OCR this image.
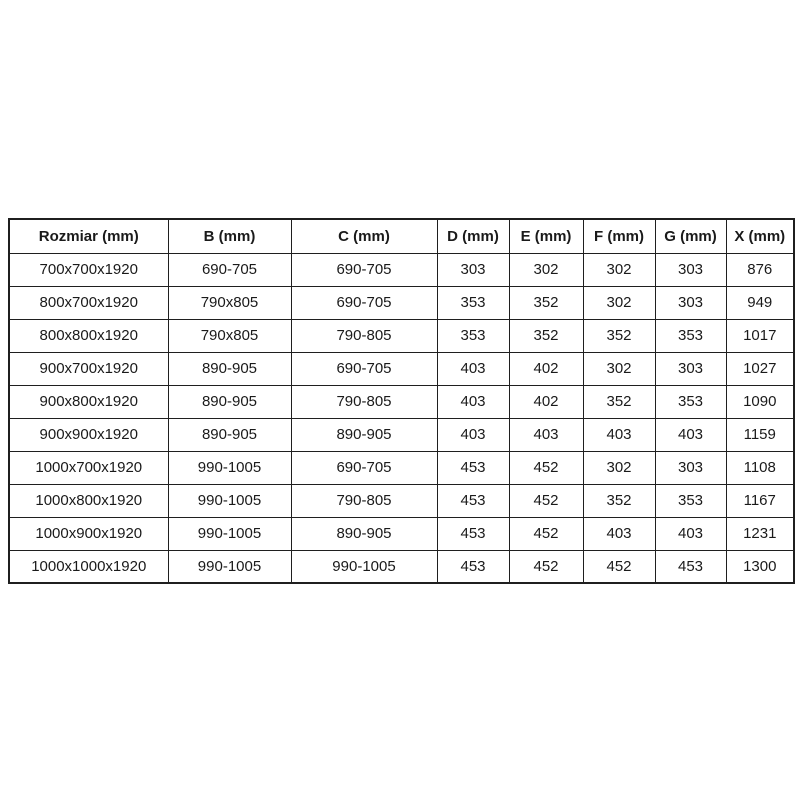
Rozmiar (mm)	B (mm)	C (mm)	D (mm)	E (mm)	F (mm)	G (mm)	X (mm)
700x700x1920	690-705	690-705	303	302	302	303	876
800x700x1920	790x805	690-705	353	352	302	303	949
800x800x1920	790x805	790-805	353	352	352	353	1017
900x700x1920	890-905	690-705	403	402	302	303	1027
900x800x1920	890-905	790-805	403	402	352	353	1090
900x900x1920	890-905	890-905	403	403	403	403	1159
1000x700x1920	990-1005	690-705	453	452	302	303	1108
1000x800x1920	990-1005	790-805	453	452	352	353	1167
1000x900x1920	990-1005	890-905	453	452	403	403	1231
1000x1000x1920	990-1005	990-1005	453	452	452	453	1300
